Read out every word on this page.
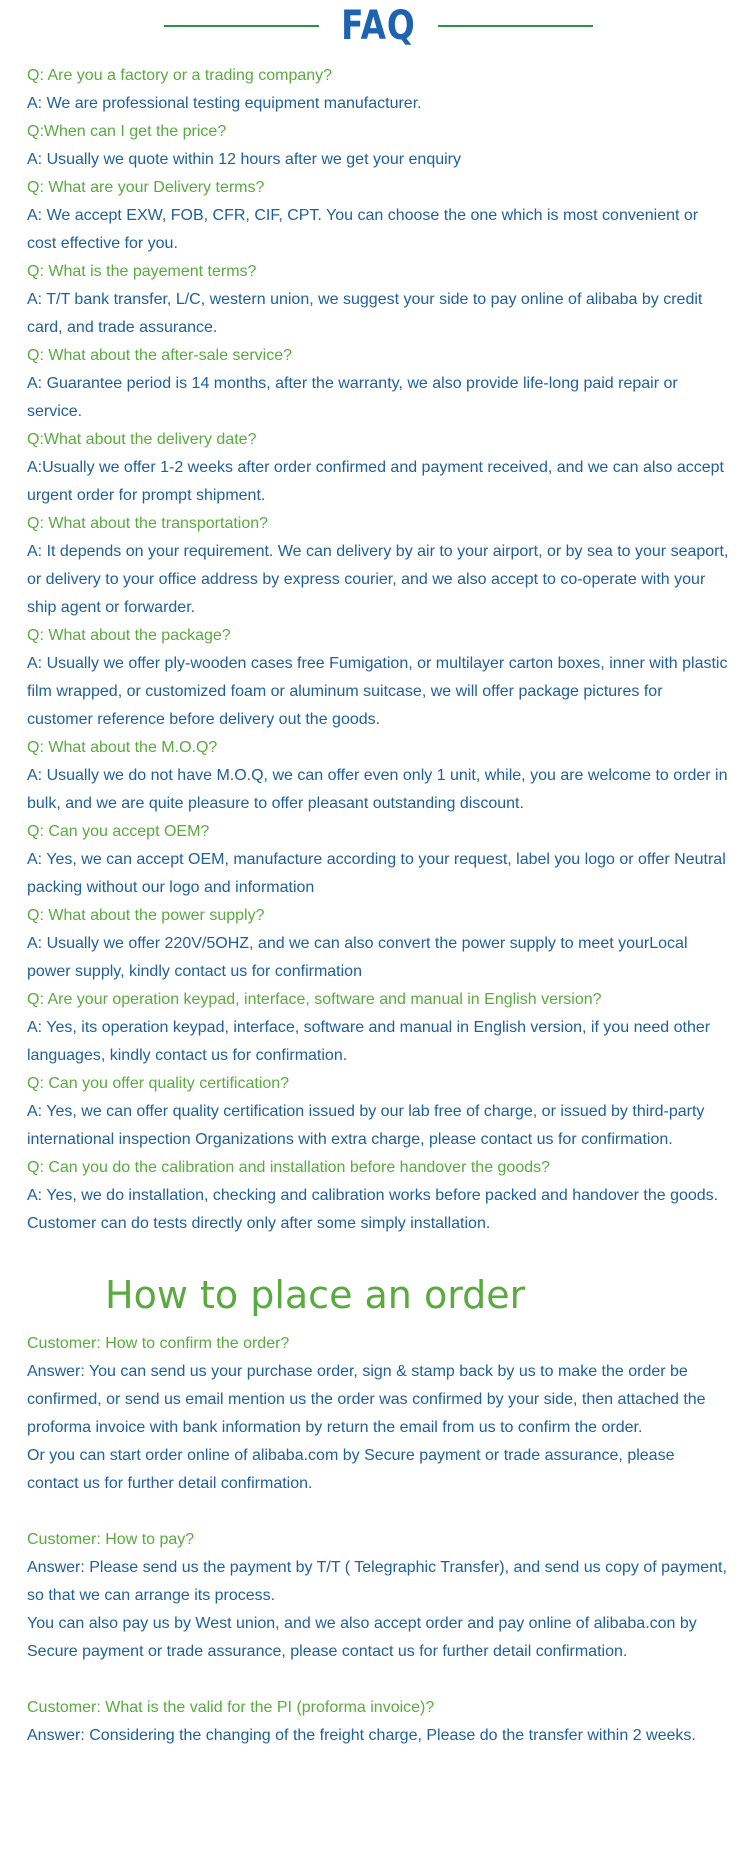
FAQ
Q: Are you a factory or a trading company?
A: We are professional testing equipment manufacturer.
Q:When can I get the price?
A: Usually we quote within 12 hours after we get your enquiry
Q: What are your Delivery terms?
A: We accept EXW, FOB, CFR, CIF, CPT. You can choose the one which is most convenient or cost effective for you.
Q: What is the payement terms?
A: T/T bank transfer, L/C, western union, we suggest your side to pay online of alibaba by credit card, and trade assurance.
Q: What about the after-sale service?
A: Guarantee period is 14 months, after the warranty, we also provide life-long paid repair or service.
Q:What about the delivery date?
A:Usually we offer 1-2 weeks after order confirmed and payment received, and we can also accept urgent order for prompt shipment.
Q: What about the transportation?
A: It depends on your requirement. We can delivery by air to your airport, or by sea to your seaport, or delivery to your office address by express courier, and we also accept to co-operate with your ship agent or forwarder.
Q: What about the package?
A: Usually we offer ply-wooden cases free Fumigation, or multilayer carton boxes, inner with plastic film wrapped, or customized foam or aluminum suitcase, we will offer package pictures for customer reference before delivery out the goods.
Q: What about the M.O.Q?
A: Usually we do not have M.O.Q, we can offer even only 1 unit, while, you are welcome to order in bulk, and we are quite pleasure to offer pleasant outstanding discount.
Q: Can you accept OEM?
A: Yes, we can accept OEM, manufacture according to your request, label you logo or offer Neutral packing without our logo and information
Q: What about the power supply?
A: Usually we offer 220V/5OHZ, and we can also convert the power supply to meet yourLocal power supply, kindly contact us for confirmation
Q: Are your operation keypad, interface, software and manual in English version?
A: Yes, its operation keypad, interface, software and manual in English version, if you need other languages, kindly contact us for confirmation.
Q: Can you offer quality certification?
A: Yes, we can offer quality certification issued by our lab free of charge, or issued by third-party international inspection Organizations with extra charge, please contact us for confirmation.
Q: Can you do the calibration and installation before handover the goods?
A: Yes, we do installation, checking and calibration works before packed and handover the goods. Customer can do tests directly only after some simply installation.
How to place an order
Customer: How to confirm the order?
Answer: You can send us your purchase order, sign & stamp back by us to make the order be confirmed, or send us email mention us the order was confirmed by your side, then attached the proforma invoice with bank information by return the email from us to confirm the order.
Or you can start order online of alibaba.com by Secure payment or trade assurance, please contact us for further detail confirmation.
Customer: How to pay?
Answer: Please send us the payment by T/T ( Telegraphic Transfer), and send us copy of payment, so that we can arrange its process.
You can also pay us by West union, and we also accept order and pay online of alibaba.con by Secure payment or trade assurance, please contact us for further detail confirmation.
Customer: What is the valid for the PI (proforma invoice)?
Answer: Considering the changing of the freight charge, Please do the transfer within 2 weeks.
